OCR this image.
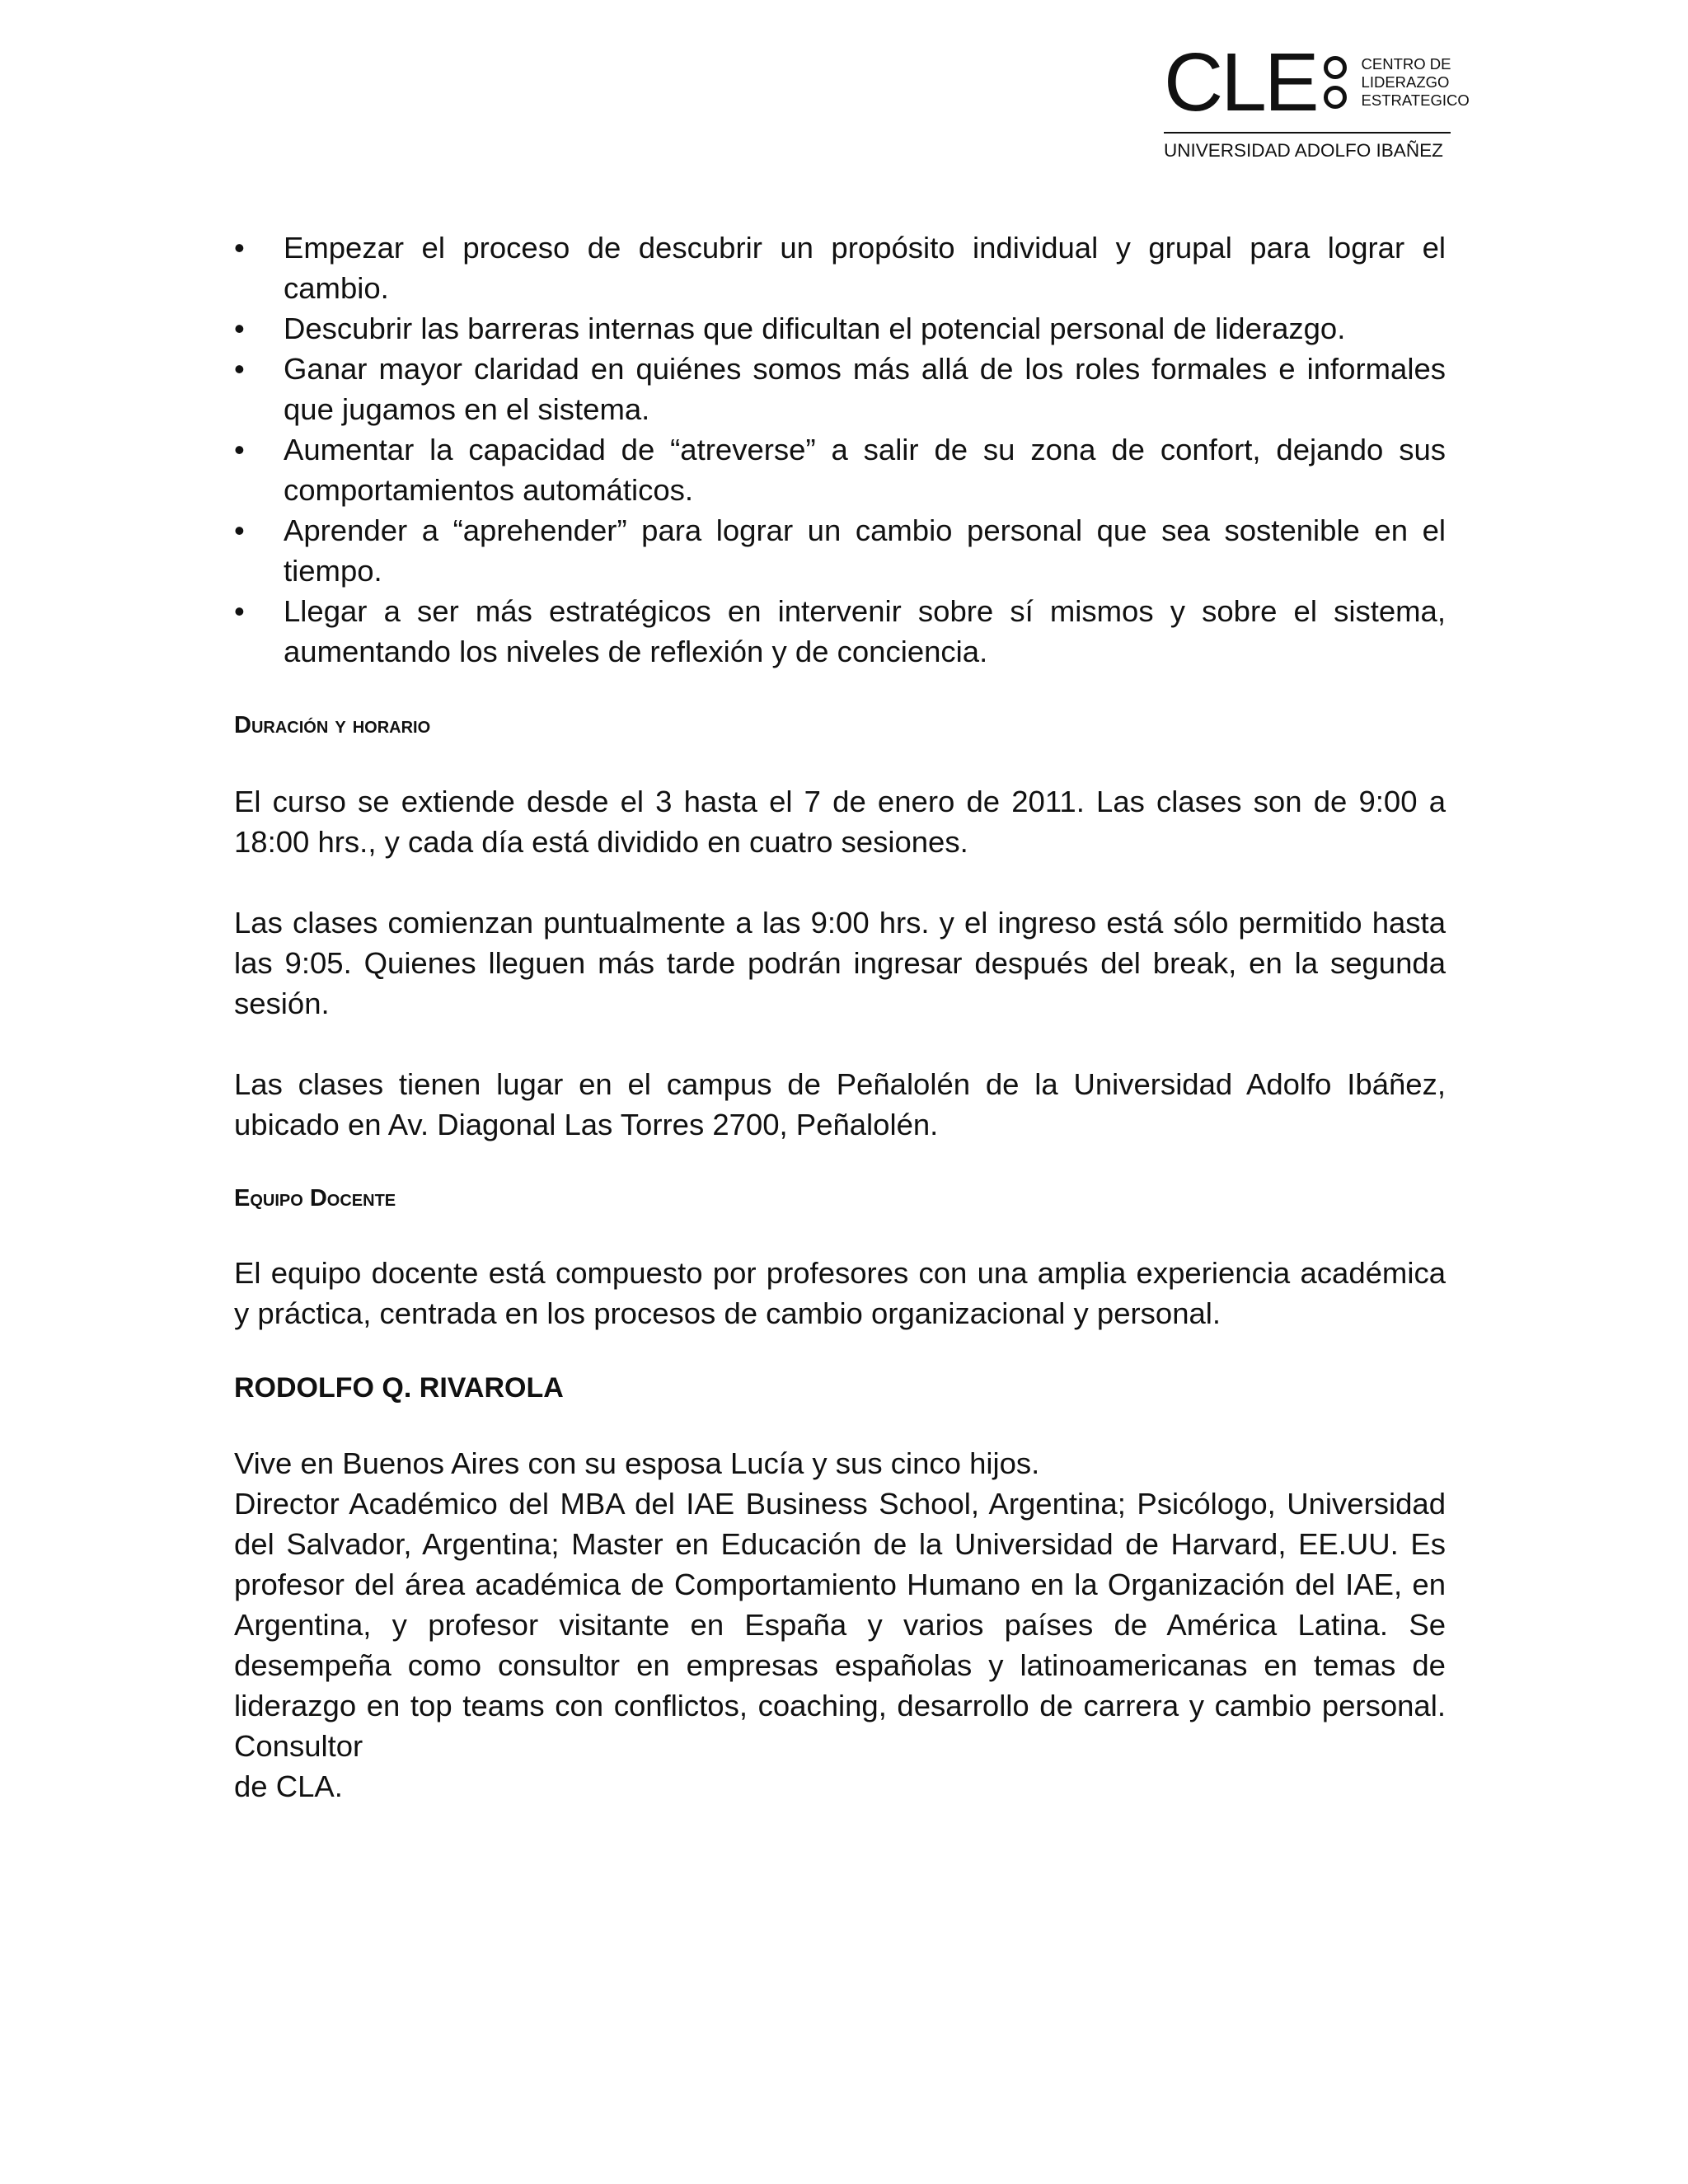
CLE	CENTRO DE
LIDERAZGO
ESTRATEGICO
UNIVERSIDAD ADOLFO IBAÑEZ
• Empezar el proceso de descubrir un propósito individual y grupal para lograr el cambio.
• Descubrir las barreras internas que dificultan el potencial personal de liderazgo.
• Ganar mayor claridad en quiénes somos más allá de los roles formales e informales que jugamos en el sistema.
• Aumentar la capacidad de “atreverse” a salir de su zona de confort, dejando sus comportamientos automáticos.
• Aprender a “aprehender” para lograr un cambio personal que sea sostenible en el tiempo.
• Llegar a ser más estratégicos en intervenir sobre sí mismos y sobre el sistema, aumentando los niveles de reflexión y de conciencia.
Duración y horario

El curso se extiende desde el 3 hasta el 7 de enero de 2011. Las clases son de 9:00 a 18:00 hrs., y cada día está dividido en cuatro sesiones.

Las clases comienzan puntualmente a las 9:00 hrs. y el ingreso está sólo permitido hasta las 9:05. Quienes lleguen más tarde podrán ingresar después del break, en la segunda sesión.

Las clases tienen lugar en el campus de Peñalolén de la Universidad Adolfo Ibáñez, ubicado en Av. Diagonal Las Torres 2700, Peñalolén.

Equipo Docente

El equipo docente está compuesto por profesores con una amplia experiencia académica y práctica, centrada en los procesos de cambio organizacional y personal.

RODOLFO Q. RIVAROLA

Vive en Buenos Aires con su esposa Lucía y sus cinco hijos.

Director Académico del MBA del IAE Business School, Argentina; Psicólogo, Universidad del Salvador, Argentina; Master en Educación de la Universidad de Harvard, EE.UU. Es profesor del área académica de Comportamiento Humano en la Organización del IAE, en Argentina, y profesor visitante en España y varios países de América Latina. Se desempeña como consultor en empresas españolas y latinoamericanas en temas de liderazgo en top teams con conflictos, coaching, desarrollo de carrera y cambio personal. Consultor

de CLA.
